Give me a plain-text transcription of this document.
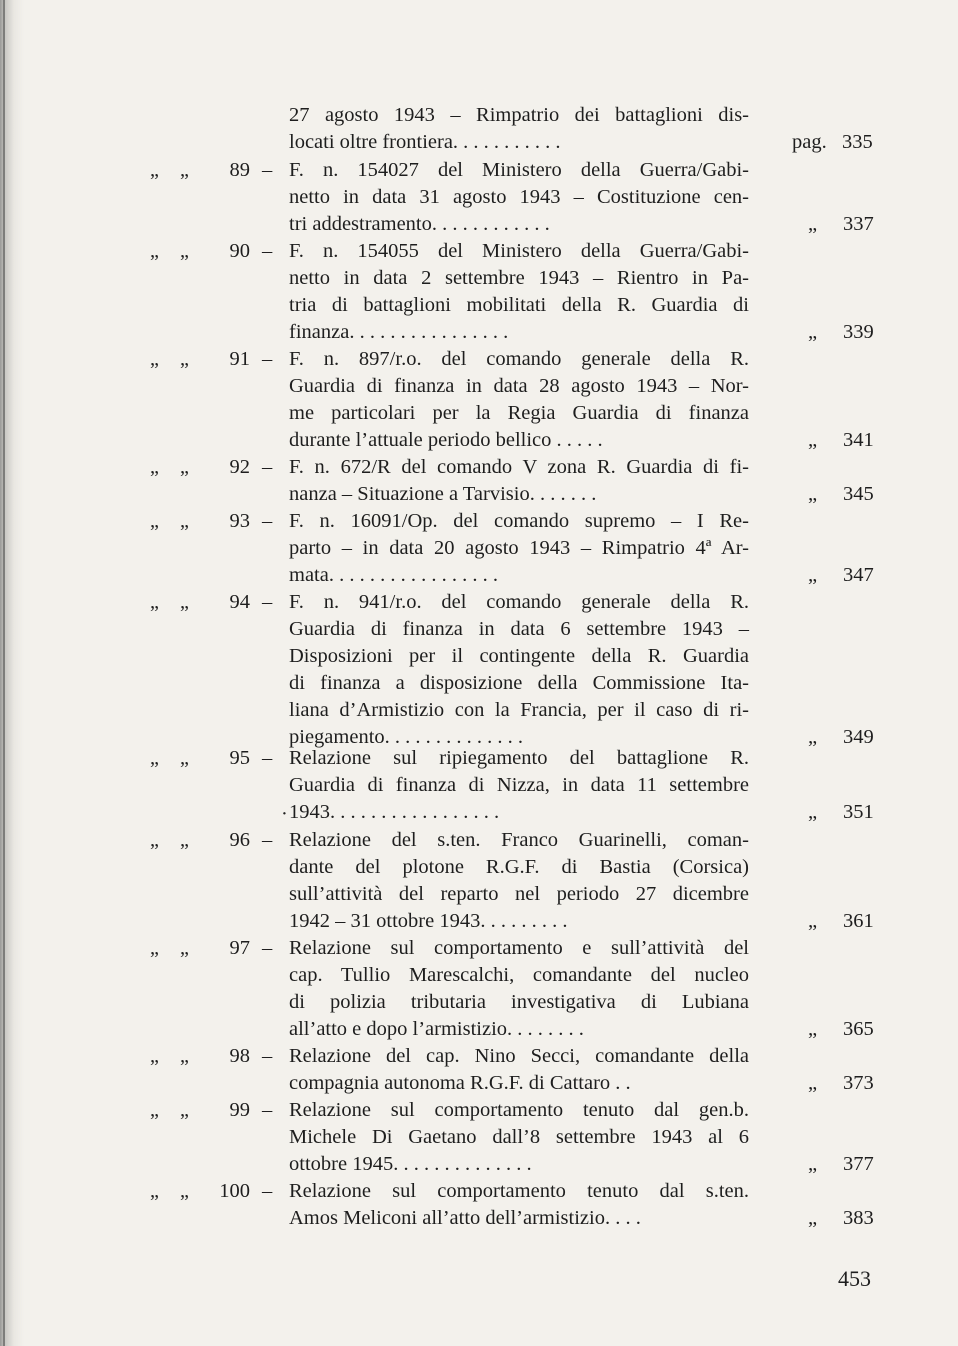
453
·
27 agosto 1943 – Rimpatrio dei battaglioni dis-
locati oltre frontiera. . . . . . . . . . .	pag. 335
„ „	89 – F. n. 154027 del Ministero della Guerra/Gabi-
netto in data 31 agosto 1943 – Costituzione cen-
tri addestramento. . . . . . . . . . . .	„ 337
„ „	90 – F. n. 154055 del Ministero della Guerra/Gabi-
netto in data 2 settembre 1943 – Rientro in Pa-
tria di battaglioni mobilitati della R. Guardia di
finanza. . . . . . . . . . . . . . . .	„ 339
„ „	91 – F. n. 897/r.o. del comando generale della R.
Guardia di finanza in data 28 agosto 1943 – Nor-
me particolari per la Regia Guardia di finanza
durante l’attuale periodo bellico . . . . .	„ 341
„ „	92 – F. n. 672/R del comando V zona R. Guardia di fi-
nanza – Situazione a Tarvisio. . . . . . .	„ 345
„ „	93 – F. n. 16091/Op. del comando supremo – I Re-
parto – in data 20 agosto 1943 – Rimpatrio 4ª Ar-
mata. . . . . . . . . . . . . . . . .	„ 347
„ „	94 – F. n. 941/r.o. del comando generale della R.
Guardia di finanza in data 6 settembre 1943 –
Disposizioni per il contingente della R. Guardia
di finanza a disposizione della Commissione Ita-
liana d’Armistizio con la Francia, per il caso di ri-
piegamento. . . . . . . . . . . . . .	„ 349
„ „	95 – Relazione sul ripiegamento del battaglione R.
Guardia di finanza di Nizza, in data 11 settembre
1943. . . . . . . . . . . . . . . . .	„ 351
„ „	96 – Relazione del s.ten. Franco Guarinelli, coman-
dante del plotone R.G.F. di Bastia (Corsica)
sull’attività del reparto nel periodo 27 dicembre
1942 – 31 ottobre 1943. . . . . . . . .	„ 361
„ „	97 – Relazione sul comportamento e sull’attività del
cap. Tullio Marescalchi, comandante del nucleo
di polizia tributaria investigativa di Lubiana
all’atto e dopo l’armistizio. . . . . . . .	„ 365
„ „	98 – Relazione del cap. Nino Secci, comandante della
compagnia autonoma R.G.F. di Cattaro . .	„ 373
„ „	99 – Relazione sul comportamento tenuto dal gen.b.
Michele Di Gaetano dall’8 settembre 1943 al 6
ottobre 1945. . . . . . . . . . . . . .	„ 377
„ „	100 – Relazione sul comportamento tenuto dal s.ten.
Amos Meliconi all’atto dell’armistizio. . . .	„ 383
